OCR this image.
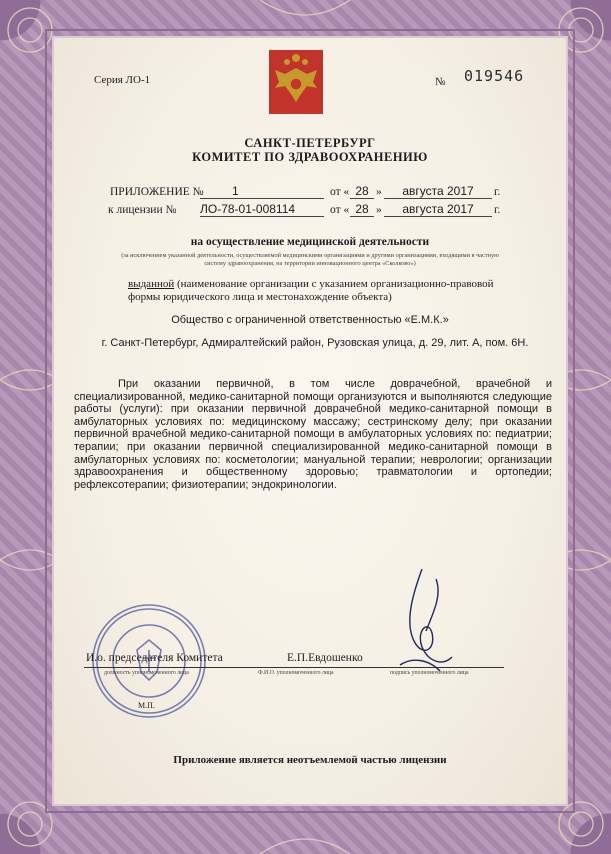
Серия ЛО-1	№ 019546
САНКТ-ПЕТЕРБУРГ
КОМИТЕТ ПО ЗДРАВООХРАНЕНИЮ
ПРИЛОЖЕНИЕ №	1	от « 28 »	августа 2017	г.
к лицензии № ЛО-78-01-008114	от « 28 »	августа 2017	г.
на осуществление медицинской деятельности
(за исключением указанной деятельности, осуществляемой медицинскими организациями и другими организациями, входящими в частную систему здравоохранения, на территории инновационного центра «Сколково»)
выданной (наименование организации с указанием организационно-правовой формы юридического лица и местонахождение объекта)
Общество с ограниченной ответственностью «Е.М.К.»
г. Санкт-Петербург, Адмиралтейский район, Рузовская улица, д. 29, лит. А, пом. 6Н.
При оказании первичной, в том числе доврачебной, врачебной и специализированной, медико-санитарной помощи организуются и выполняются следующие работы (услуги): при оказании первичной доврачебной медико-санитарной помощи в амбулаторных условиях по: медицинскому массажу; сестринскому делу; при оказании первичной врачебной медико-санитарной помощи в амбулаторных условиях по: педиатрии; терапии; при оказании первичной специализированной медико-санитарной помощи в амбулаторных условиях по: косметологии; мануальной терапии; неврологии; организации здравоохранения и общественному здоровью; травматологии и ортопедии; рефлексотерапии; физиотерапии; эндокринологии.
И.о. председателя Комитета	Е.П.Евдошенко
должность уполномоченного лица	Ф.И.О. уполномоченного лица	подпись уполномоченного лица
М.П.
Приложение является неотъемлемой частью лицензии
